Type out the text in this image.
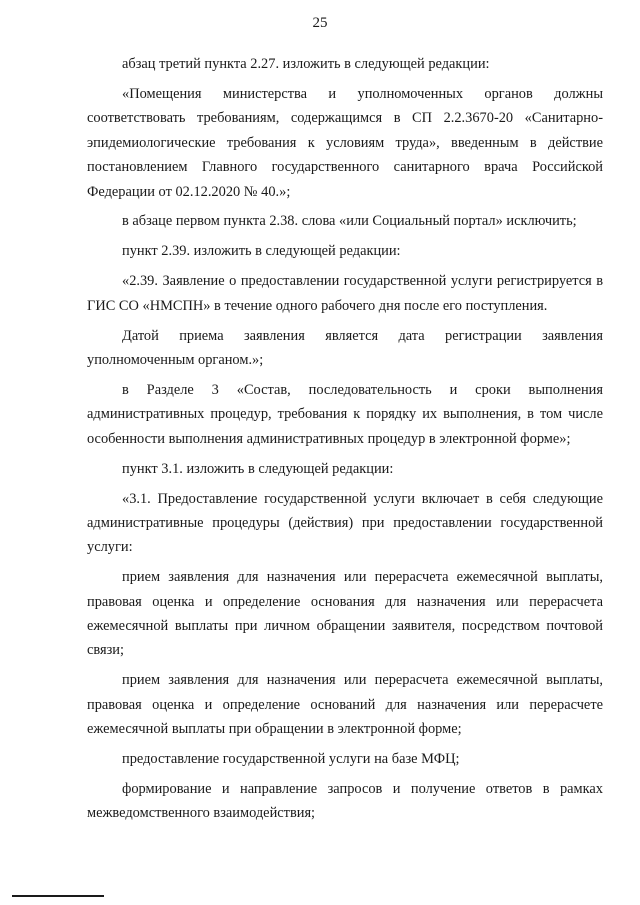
25

абзац третий пункта 2.27. изложить в следующей редакции:

«Помещения министерства и уполномоченных органов должны соответствовать требованиям, содержащимся в СП 2.2.3670-20 «Санитарно-эпидемиологические требования к условиям труда», введенным в действие постановлением Главного государственного санитарного врача Российской Федерации от 02.12.2020 № 40.»;

в абзаце первом пункта 2.38. слова «или Социальный портал» исключить;

пункт 2.39. изложить в следующей редакции:

«2.39. Заявление о предоставлении государственной услуги регистрируется в ГИС СО «НМСПН» в течение одного рабочего дня после его поступления.

Датой приема заявления является дата регистрации заявления уполномоченным органом.»;

в Разделе 3 «Состав, последовательность и сроки выполнения административных процедур, требования к порядку их выполнения, в том числе особенности выполнения административных процедур в электронной форме»;

пункт 3.1. изложить в следующей редакции:

«3.1. Предоставление государственной услуги включает в себя следующие административные процедуры (действия) при предоставлении государственной услуги:

прием заявления для назначения или перерасчета ежемесячной выплаты, правовая оценка и определение основания для назначения или перерасчета ежемесячной выплаты при личном обращении заявителя, посредством почтовой связи;

прием заявления для назначения или перерасчета ежемесячной выплаты, правовая оценка и определение оснований для назначения или перерасчете ежемесячной выплаты при обращении в электронной форме;

предоставление государственной услуги на базе МФЦ;

формирование и направление запросов и получение ответов в рамках межведомственного взаимодействия;
